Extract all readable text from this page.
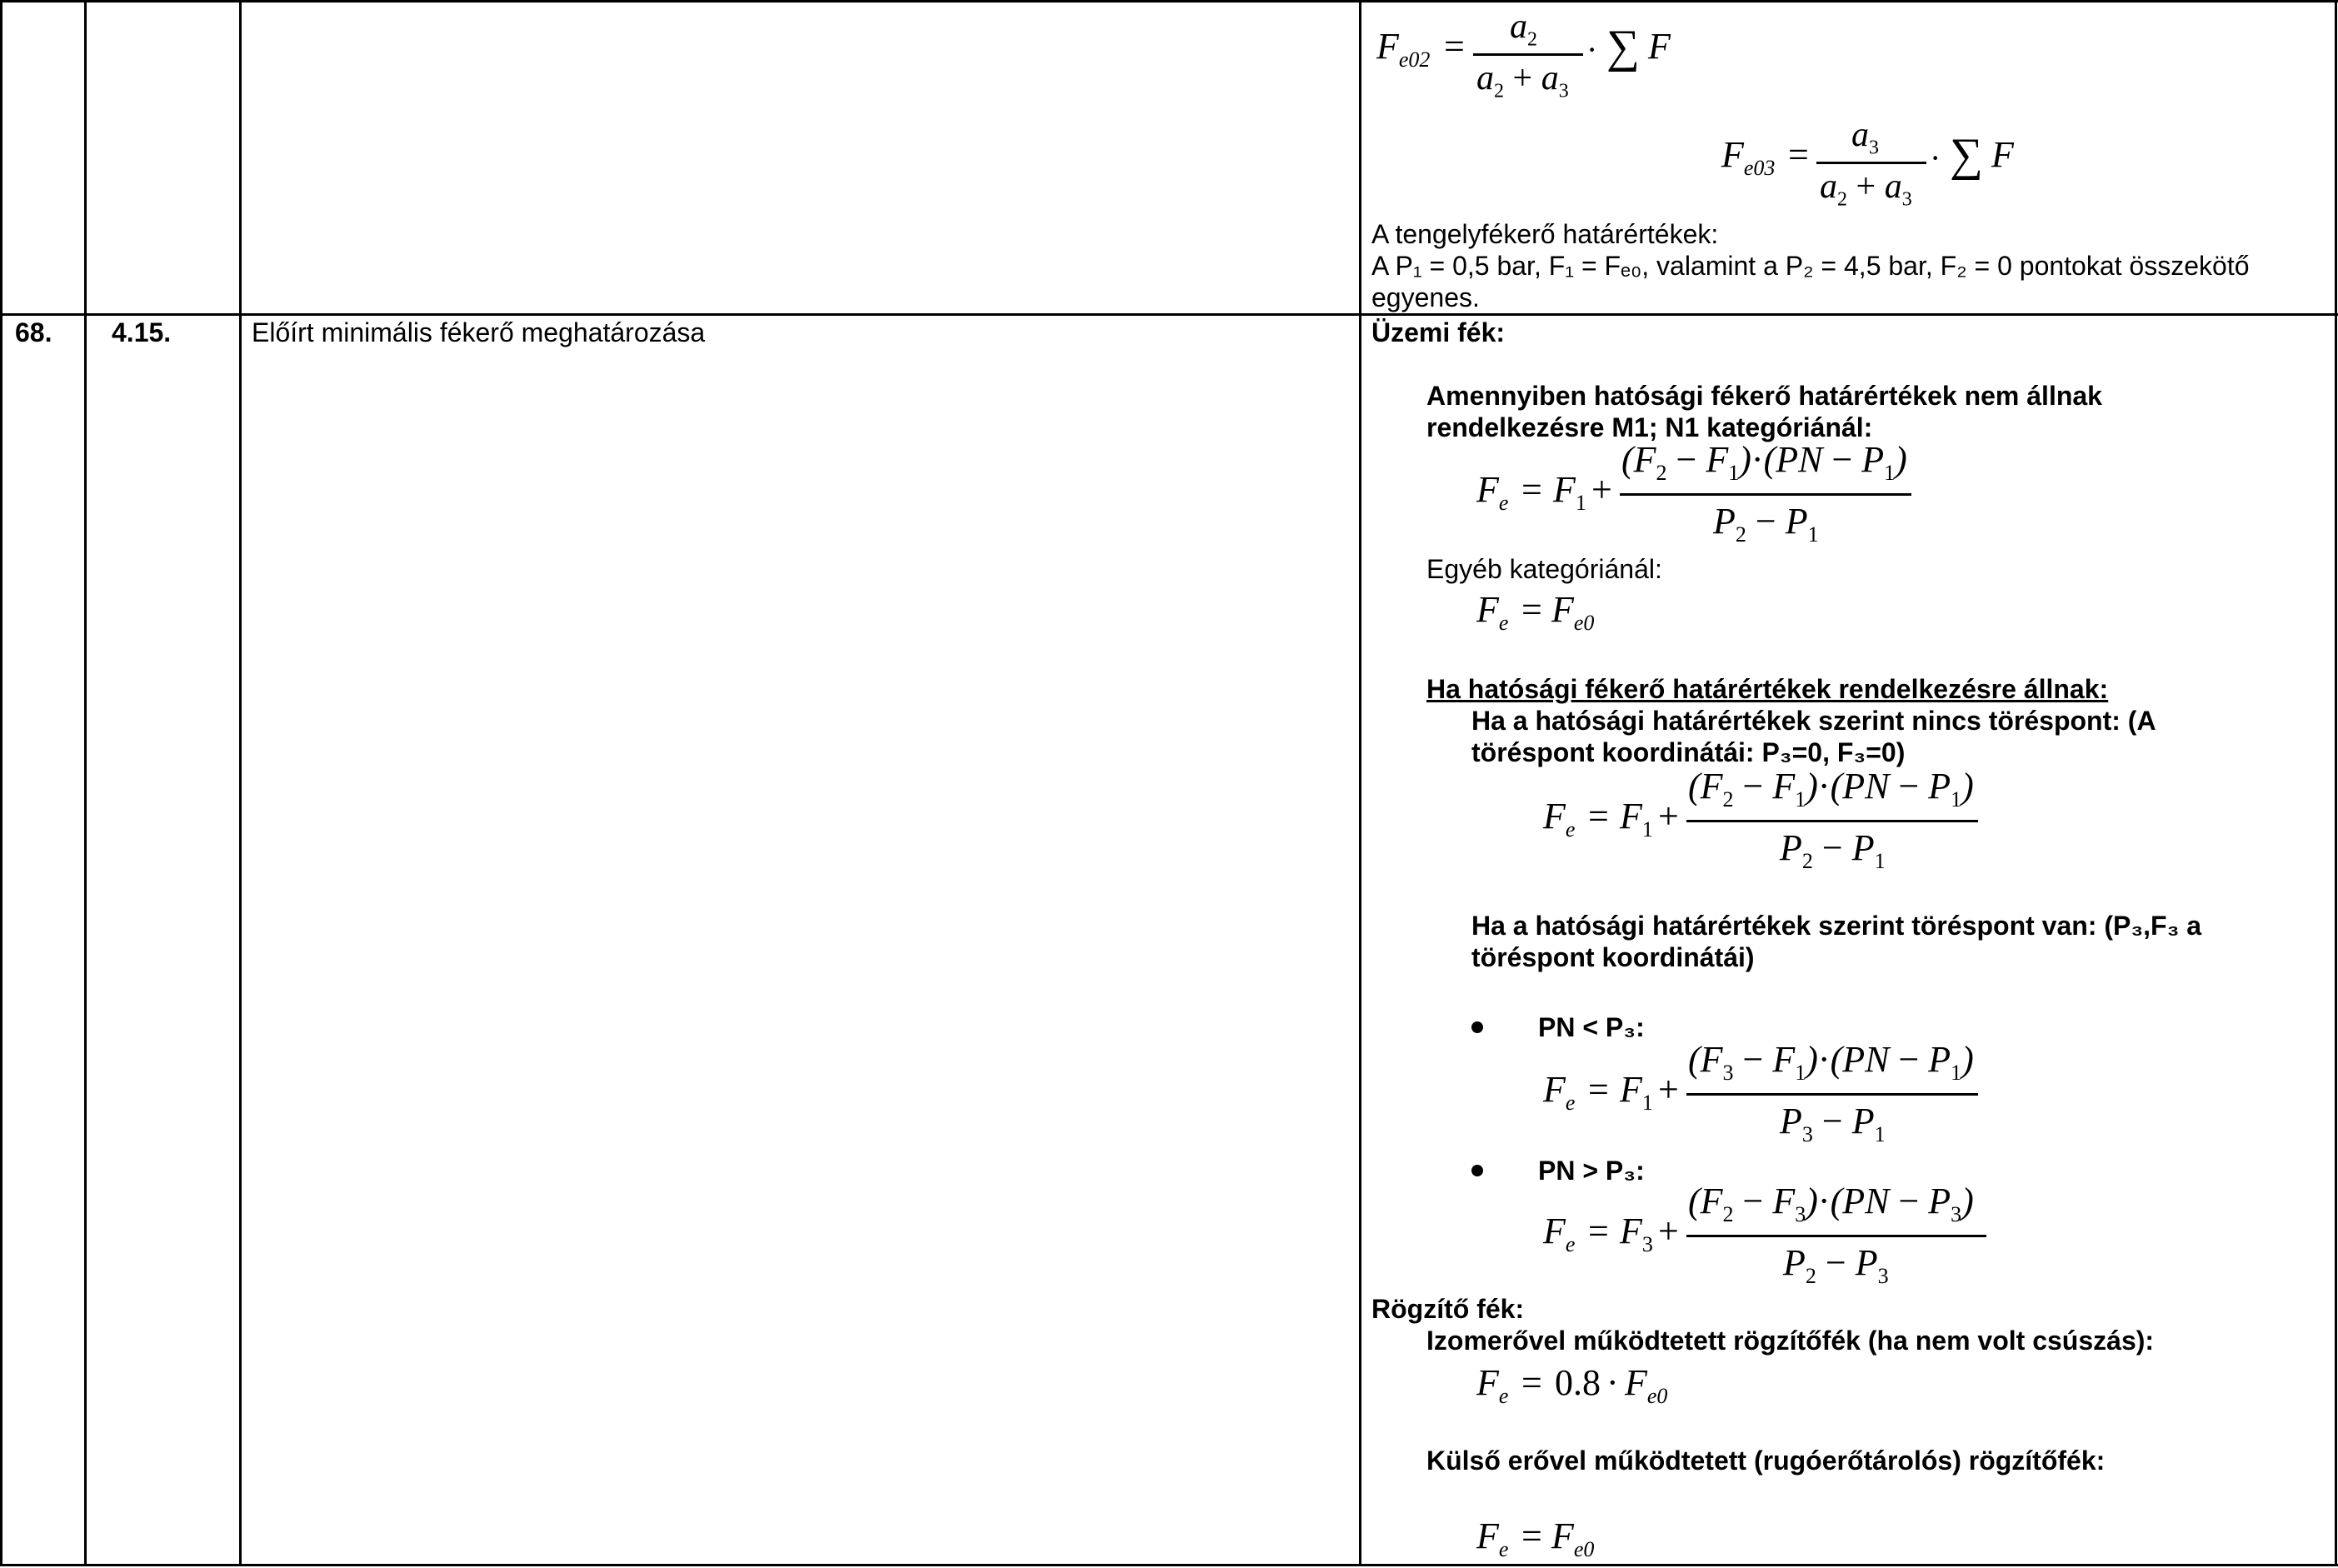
$F_{e02} = a_2$
$a_2 + a_3$
· ∑ F
$F_{e03} = a_3$
$a_2 + a_3$
· ∑ F
A tengelyfékerő határértékek:
A P₁ = 0,5 bar, F₁ = Fₑ₀, valamint a P₂ = 4,5 bar, F₂ = 0 pontokat összekötő
egyenes.
68. 4.15.	Előírt minimális fékerő meghatározása	Üzemi fék:
Amennyiben hatósági fékerő határértékek nem állnak
rendelkezésre M1; N1 kategóriánál:
$F_e = F_1$ +
$(F_2 - F_1)\cdot(PN - P_1)$
$P_2 - P_1$
Egyéb kategóriánál:
$F_e = F_{e0}$
Ha hatósági fékerő határértékek rendelkezésre állnak:
Ha a hatósági határértékek szerint nincs töréspont: (A
töréspont koordinátái: P₃=0, F₃=0)
$F_e = F_1$ +
$(F_2 - F_1)\cdot(PN - P_1)$
$P_2 - P_1$
Ha a hatósági határértékek szerint töréspont van: (P₃,F₃ a
töréspont koordinátái)
PN < P₃:
$F_e = F_1$ +
$(F_3 - F_1)\cdot(PN - P_1)$
$P_3 - P_1$
PN > P₃:
$F_e = F_3$ +
$(F_2 - F_3)\cdot(PN - P_3)$
$P_2 - P_3$
Rögzítő fék:
Izomerővel működtetett rögzítőfék (ha nem volt csúszás):
$F_e = 0.8 \cdot F_{e0}$
Külső erővel működtetett (rugóerőtárolós) rögzítőfék:
$F_e = F_{e0}$
